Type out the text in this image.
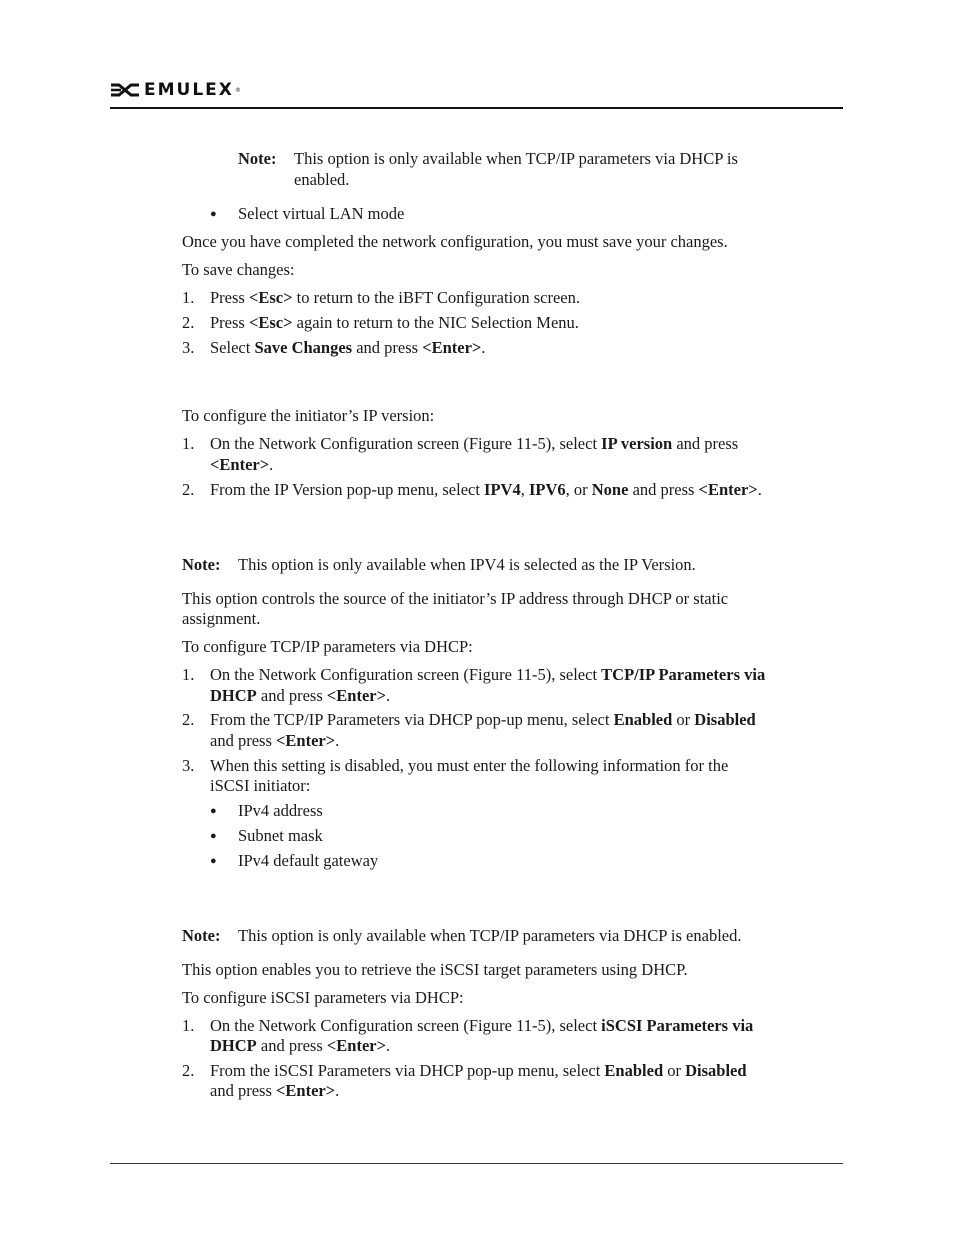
EMULEX ®
Note: This option is only available when TCP/IP parameters via DHCP is
enabled.
● Select virtual LAN mode
Once you have completed the network configuration, you must save your changes.
To save changes:
1. Press <Esc> to return to the iBFT Configuration screen.
2. Press <Esc> again to return to the NIC Selection Menu.
3. Select Save Changes and press <Enter>.
To configure the initiator’s IP version:
1. On the Network Configuration screen (Figure 11-5), select IP version and press
<Enter>.
2. From the IP Version pop-up menu, select IPV4, IPV6, or None and press <Enter>.
Note: This option is only available when IPV4 is selected as the IP Version.
This option controls the source of the initiator’s IP address through DHCP or static
assignment.
To configure TCP/IP parameters via DHCP:
1. On the Network Configuration screen (Figure 11-5), select TCP/IP Parameters via
DHCP and press <Enter>.
2. From the TCP/IP Parameters via DHCP pop-up menu, select Enabled or Disabled
and press <Enter>.
3. When this setting is disabled, you must enter the following information for the
iSCSI initiator:
● IPv4 address
● Subnet mask
● IPv4 default gateway
Note: This option is only available when TCP/IP parameters via DHCP is enabled.
This option enables you to retrieve the iSCSI target parameters using DHCP.
To configure iSCSI parameters via DHCP:
1. On the Network Configuration screen (Figure 11-5), select iSCSI Parameters via
DHCP and press <Enter>.
2. From the iSCSI Parameters via DHCP pop-up menu, select Enabled or Disabled
and press <Enter>.
